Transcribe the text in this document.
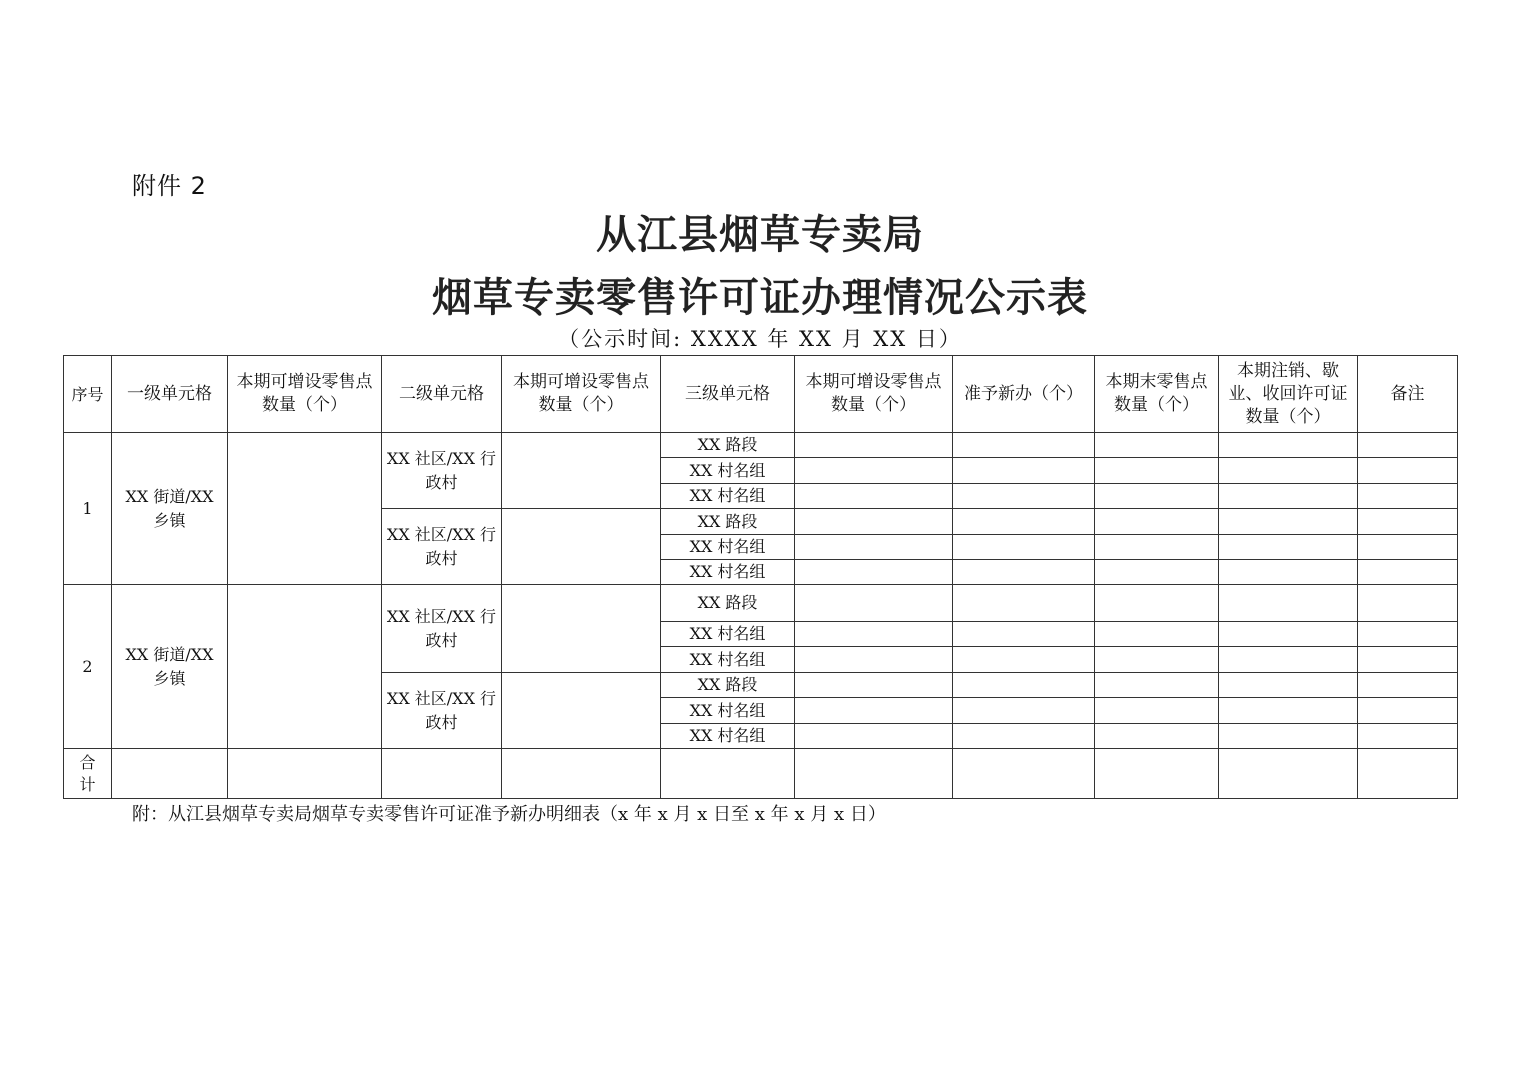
附件 2
从江县烟草专卖局
烟草专卖零售许可证办理情况公示表
（公示时间: XXXX 年 XX 月 XX 日）
序号	一级单元格	本期可增设零售点数量（个）	二级单元格	本期可增设零售点数量（个）	三级单元格	本期可增设零售点数量（个）	准予新办（个）	本期末零售点数量（个）	本期注销、歇业、收回许可证数量（个）	备注
1	XX 街道/XX 乡镇		XX 社区/XX 行政村		XX 路段					
					XX 村名组					
					XX 村名组					
			XX 社区/XX 行政村		XX 路段					
					XX 村名组					
					XX 村名组					
2	XX 街道/XX 乡镇		XX 社区/XX 行政村		XX 路段					
					XX 村名组					
					XX 村名组					
			XX 社区/XX 行政村		XX 路段					
					XX 村名组					
					XX 村名组					
合计										
附：从江县烟草专卖局烟草专卖零售许可证准予新办明细表（x 年 x 月 x 日至 x 年 x 月 x 日）
